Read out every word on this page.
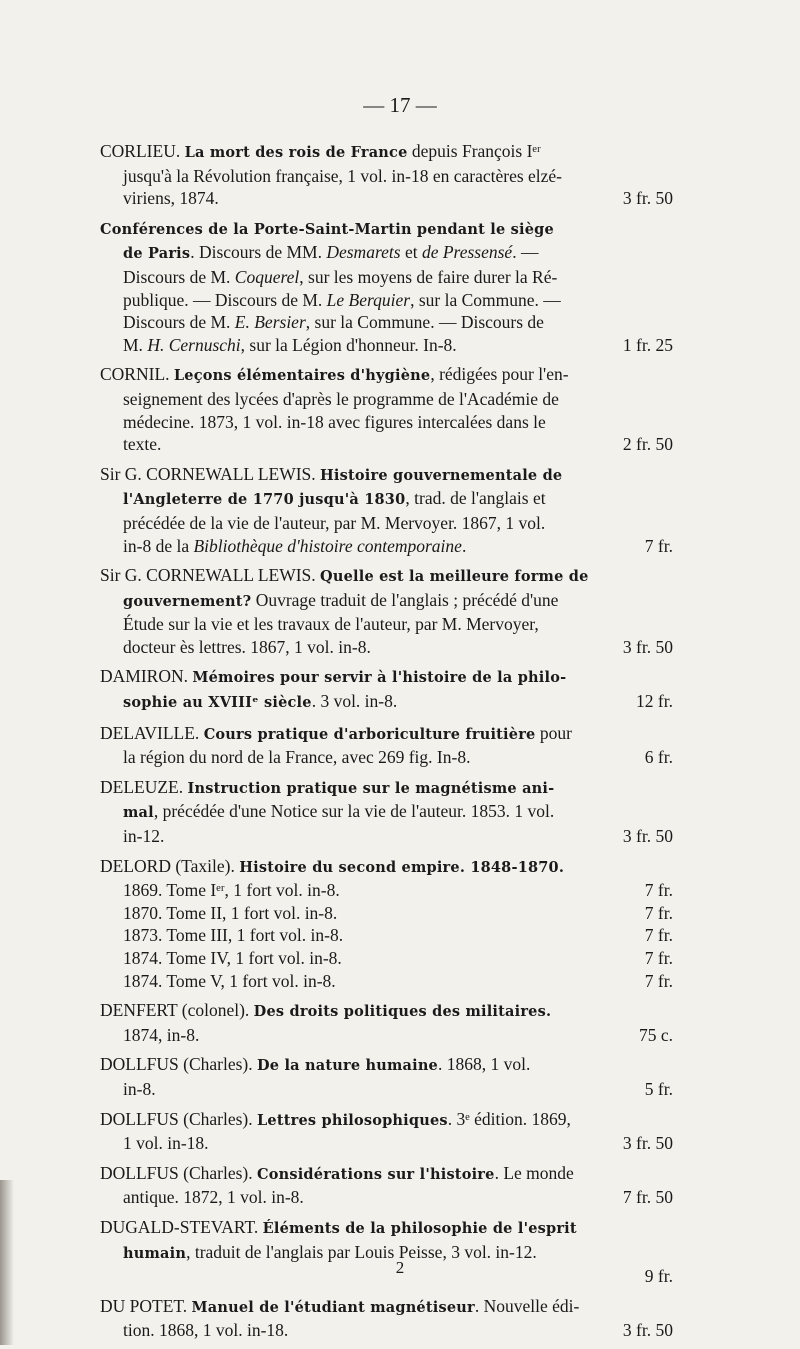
— 17 —
CORLIEU. La mort des rois de France depuis François Iᵉʳ
jusqu'à la Révolution française, 1 vol. in-18 en caractères elzé-
viriens, 1874.	3 fr. 50
Conférences de la Porte-Saint-Martin pendant le siège
de Paris. Discours de MM. Desmarets et de Pressensé. —
Discours de M. Coquerel, sur les moyens de faire durer la Ré-
publique. — Discours de M. Le Berquier, sur la Commune. —
Discours de M. E. Bersier, sur la Commune. — Discours de
M. H. Cernuschi, sur la Légion d'honneur. In-8.	1 fr. 25
CORNIL. Leçons élémentaires d'hygiène, rédigées pour l'en-
seignement des lycées d'après le programme de l'Académie de
médecine. 1873, 1 vol. in-18 avec figures intercalées dans le
texte.	2 fr. 50
Sir G. CORNEWALL LEWIS. Histoire gouvernementale de
l'Angleterre de 1770 jusqu'à 1830, trad. de l'anglais et
précédée de la vie de l'auteur, par M. Mervoyer. 1867, 1 vol.
in-8 de la Bibliothèque d'histoire contemporaine.	7 fr.
Sir G. CORNEWALL LEWIS. Quelle est la meilleure forme de
gouvernement? Ouvrage traduit de l'anglais ; précédé d'une
Étude sur la vie et les travaux de l'auteur, par M. Mervoyer,
docteur ès lettres. 1867, 1 vol. in-8.	3 fr. 50
DAMIRON. Mémoires pour servir à l'histoire de la philo-
sophie au XVIIIᵉ siècle. 3 vol. in-8.	12 fr.
DELAVILLE. Cours pratique d'arboriculture fruitière pour
la région du nord de la France, avec 269 fig. In-8.	6 fr.
DELEUZE. Instruction pratique sur le magnétisme ani-
mal, précédée d'une Notice sur la vie de l'auteur. 1853. 1 vol.
in-12.	3 fr. 50
DELORD (Taxile). Histoire du second empire. 1848-1870.
1869. Tome Iᵉʳ, 1 fort vol. in-8.	7 fr.
1870. Tome II, 1 fort vol. in-8.	7 fr.
1873. Tome III, 1 fort vol. in-8.	7 fr.
1874. Tome IV, 1 fort vol. in-8.	7 fr.
1874. Tome V, 1 fort vol. in-8.	7 fr.
DENFERT (colonel). Des droits politiques des militaires.
1874, in-8.	75 c.
DOLLFUS (Charles). De la nature humaine. 1868, 1 vol.
in-8.	5 fr.
DOLLFUS (Charles). Lettres philosophiques. 3ᵉ édition. 1869,
1 vol. in-18.	3 fr. 50
DOLLFUS (Charles). Considérations sur l'histoire. Le monde
antique. 1872, 1 vol. in-8.	7 fr. 50
DUGALD-STEVART. Éléments de la philosophie de l'esprit
humain, traduit de l'anglais par Louis Peisse, 3 vol. in-12.
9 fr.
DU POTET. Manuel de l'étudiant magnétiseur. Nouvelle édi-
tion. 1868, 1 vol. in-18.	3 fr. 50
2
